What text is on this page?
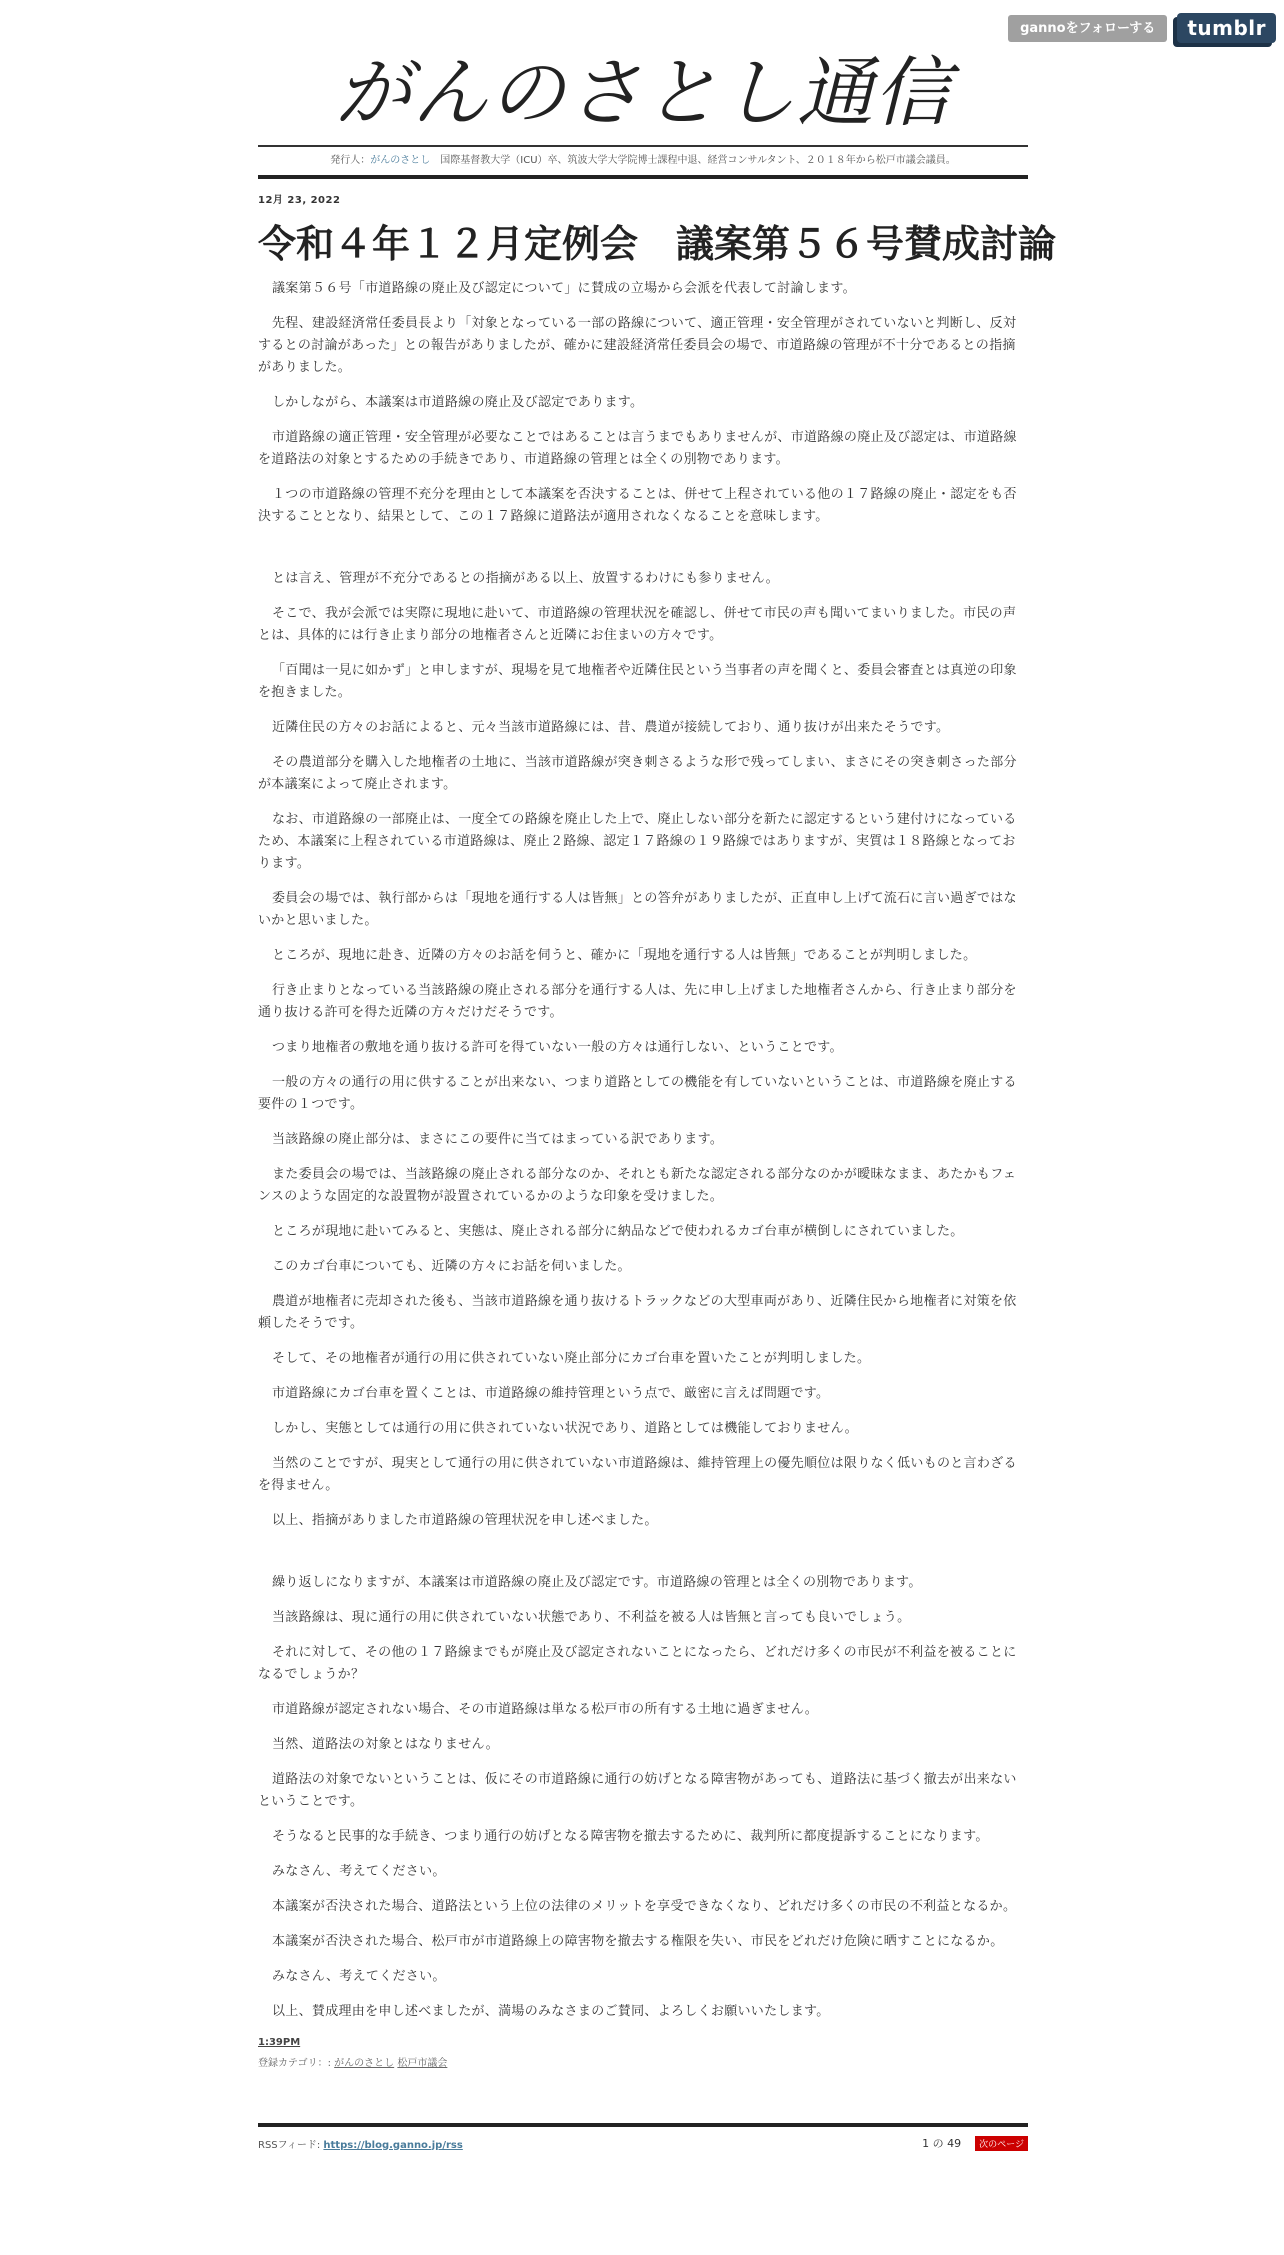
gannoをフォローする	tumblr
がんのさとし通信
発行人：がんのさとし　国際基督教大学（ICU）卒、筑波大学大学院博士課程中退、経営コンサルタント、２０１８年から松戸市議会議員。
12月 23, 2022
令和４年１２月定例会　議案第５６号賛成討論

議案第５６号「市道路線の廃止及び認定について」に賛成の立場から会派を代表して討論します。

先程、建設経済常任委員長より「対象となっている一部の路線について、適正管理・安全管理がされていないと判断し、反対するとの討論があった」との報告がありましたが、確かに建設経済常任委員会の場で、市道路線の管理が不十分であるとの指摘がありました。

しかしながら、本議案は市道路線の廃止及び認定であります。

市道路線の適正管理・安全管理が必要なことではあることは言うまでもありませんが、市道路線の廃止及び認定は、市道路線を道路法の対象とするための手続きであり、市道路線の管理とは全くの別物であります。

１つの市道路線の管理不充分を理由として本議案を否決することは、併せて上程されている他の１７路線の廃止・認定をも否決することとなり、結果として、この１７路線に道路法が適用されなくなることを意味します。

とは言え、管理が不充分であるとの指摘がある以上、放置するわけにも参りません。

そこで、我が会派では実際に現地に赴いて、市道路線の管理状況を確認し、併せて市民の声も聞いてまいりました。市民の声とは、具体的には行き止まり部分の地権者さんと近隣にお住まいの方々です。

「百聞は一見に如かず」と申しますが、現場を見て地権者や近隣住民という当事者の声を聞くと、委員会審査とは真逆の印象を抱きました。

近隣住民の方々のお話によると、元々当該市道路線には、昔、農道が接続しており、通り抜けが出来たそうです。

その農道部分を購入した地権者の土地に、当該市道路線が突き刺さるような形で残ってしまい、まさにその突き刺さった部分が本議案によって廃止されます。

なお、市道路線の一部廃止は、一度全ての路線を廃止した上で、廃止しない部分を新たに認定するという建付けになっているため、本議案に上程されている市道路線は、廃止２路線、認定１７路線の１９路線ではありますが、実質は１８路線となっております。

委員会の場では、執行部からは「現地を通行する人は皆無」との答弁がありましたが、正直申し上げて流石に言い過ぎではないかと思いました。

ところが、現地に赴き、近隣の方々のお話を伺うと、確かに「現地を通行する人は皆無」であることが判明しました。

行き止まりとなっている当該路線の廃止される部分を通行する人は、先に申し上げました地権者さんから、行き止まり部分を通り抜ける許可を得た近隣の方々だけだそうです。

つまり地権者の敷地を通り抜ける許可を得ていない一般の方々は通行しない、ということです。

一般の方々の通行の用に供することが出来ない、つまり道路としての機能を有していないということは、市道路線を廃止する要件の１つです。

当該路線の廃止部分は、まさにこの要件に当てはまっている訳であります。

また委員会の場では、当該路線の廃止される部分なのか、それとも新たな認定される部分なのかが曖昧なまま、あたかもフェンスのような固定的な設置物が設置されているかのような印象を受けました。

ところが現地に赴いてみると、実態は、廃止される部分に納品などで使われるカゴ台車が横倒しにされていました。

このカゴ台車についても、近隣の方々にお話を伺いました。

農道が地権者に売却された後も、当該市道路線を通り抜けるトラックなどの大型車両があり、近隣住民から地権者に対策を依頼したそうです。

そして、その地権者が通行の用に供されていない廃止部分にカゴ台車を置いたことが判明しました。

市道路線にカゴ台車を置くことは、市道路線の維持管理という点で、厳密に言えば問題です。

しかし、実態としては通行の用に供されていない状況であり、道路としては機能しておりません。

当然のことですが、現実として通行の用に供されていない市道路線は、維持管理上の優先順位は限りなく低いものと言わざるを得ません。

以上、指摘がありました市道路線の管理状況を申し述べました。

繰り返しになりますが、本議案は市道路線の廃止及び認定です。市道路線の管理とは全くの別物であります。

当該路線は、現に通行の用に供されていない状態であり、不利益を被る人は皆無と言っても良いでしょう。

それに対して、その他の１７路線までもが廃止及び認定されないことになったら、どれだけ多くの市民が不利益を被ることになるでしょうか？

市道路線が認定されない場合、その市道路線は単なる松戸市の所有する土地に過ぎません。

当然、道路法の対象とはなりません。

道路法の対象でないということは、仮にその市道路線に通行の妨げとなる障害物があっても、道路法に基づく撤去が出来ないということです。

そうなると民事的な手続き、つまり通行の妨げとなる障害物を撤去するために、裁判所に都度提訴することになります。

みなさん、考えてください。

本議案が否決された場合、道路法という上位の法律のメリットを享受できなくなり、どれだけ多くの市民の不利益となるか。

本議案が否決された場合、松戸市が市道路線上の障害物を撤去する権限を失い、市民をどれだけ危険に晒すことになるか。

みなさん、考えてください。

以上、賛成理由を申し述べましたが、満場のみなさまのご賛同、よろしくお願いいたします。

1:39PM
登録カテゴリ：: がんのさとし 松戸市議会
RSSフィード: https://blog.ganno.jp/rss	1 の 49	次のページ
